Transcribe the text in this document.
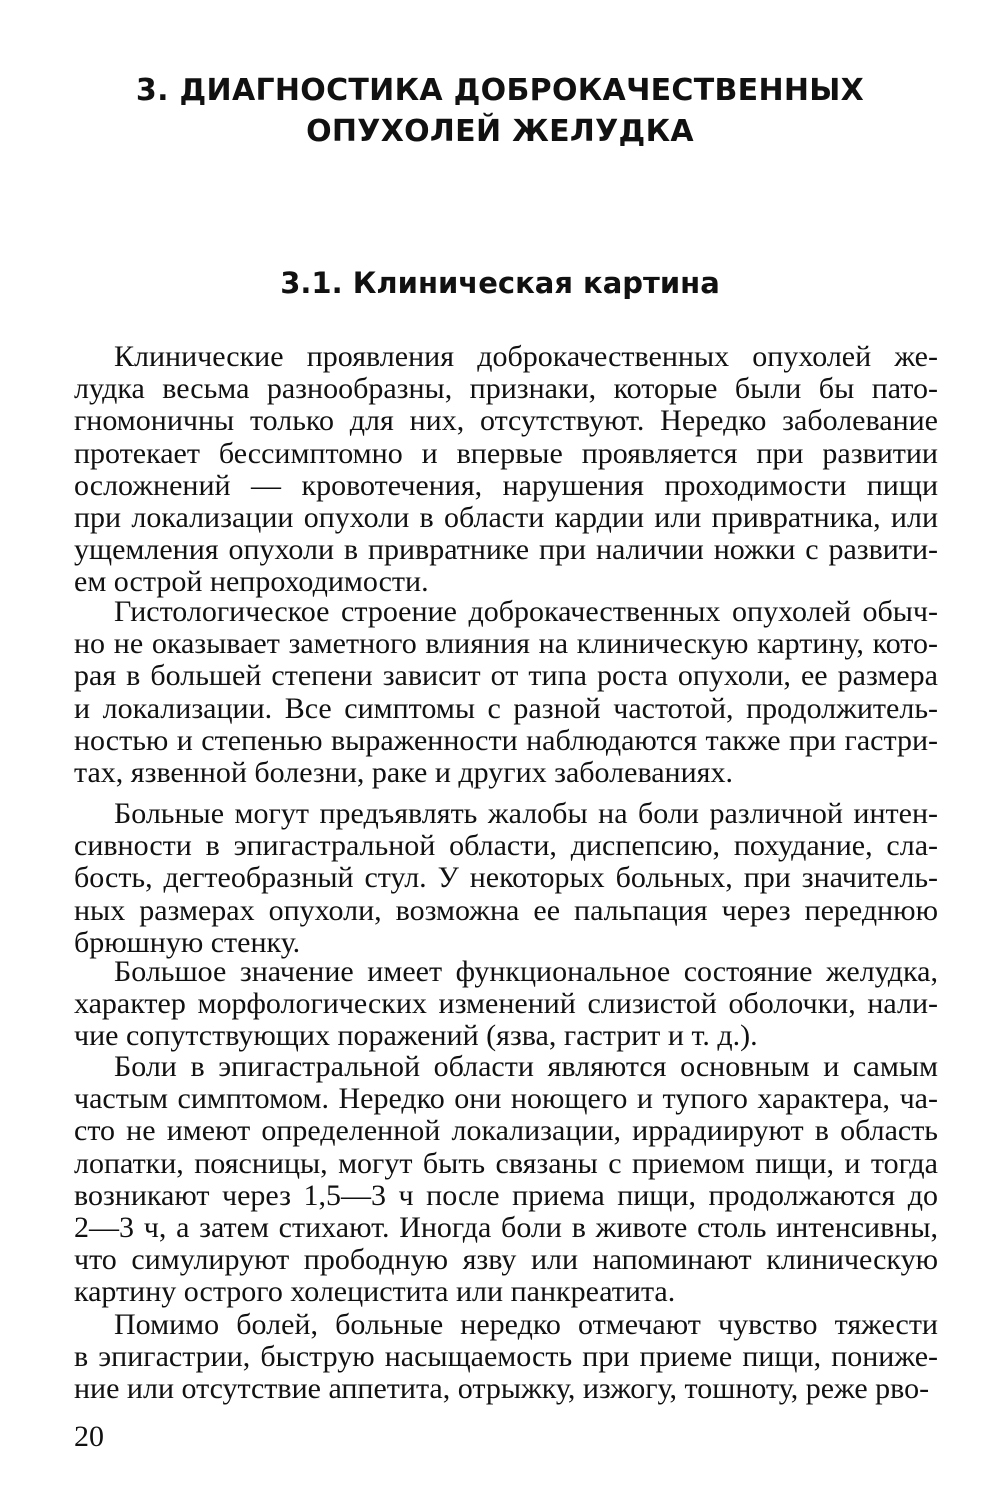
3. ДИАГНОСТИКА ДОБРОКАЧЕСТВЕННЫХ
ОПУХОЛЕЙ ЖЕЛУДКА
3.1. Клиническая картина
Клинические проявления доброкачественных опухолей же-
лудка весьма разнообразны, признаки, которые были бы пато-
гномоничны только для них, отсутствуют. Нередко заболевание
протекает бессимптомно и впервые проявляется при развитии
осложнений — кровотечения, нарушения проходимости пищи
при локализации опухоли в области кардии или привратника, или
ущемления опухоли в привратнике при наличии ножки с развити-
ем острой непроходимости.
Гистологическое строение доброкачественных опухолей обыч-
но не оказывает заметного влияния на клиническую картину, кото-
рая в большей степени зависит от типа роста опухоли, ее размера
и локализации. Все симптомы с разной частотой, продолжитель-
ностью и степенью выраженности наблюдаются также при гастри-
тах, язвенной болезни, раке и других заболеваниях.
Больные могут предъявлять жалобы на боли различной интен-
сивности в эпигастральной области, диспепсию, похудание, сла-
бость, дегтеобразный стул. У некоторых больных, при значитель-
ных размерах опухоли, возможна ее пальпация через переднюю
брюшную стенку.
Большое значение имеет функциональное состояние желудка,
характер морфологических изменений слизистой оболочки, нали-
чие сопутствующих поражений (язва, гастрит и т. д.).
Боли в эпигастральной области являются основным и самым
частым симптомом. Нередко они ноющего и тупого характера, ча-
сто не имеют определенной локализации, иррадиируют в область
лопатки, поясницы, могут быть связаны с приемом пищи, и тогда
возникают через 1,5—3 ч после приема пищи, продолжаются до
2—3 ч, а затем стихают. Иногда боли в животе столь интенсивны,
что симулируют прободную язву или напоминают клиническую
картину острого холецистита или панкреатита.
Помимо болей, больные нередко отмечают чувство тяжести
в эпигастрии, быструю насыщаемость при приеме пищи, пониже-
ние или отсутствие аппетита, отрыжку, изжогу, тошноту, реже рво-

20
